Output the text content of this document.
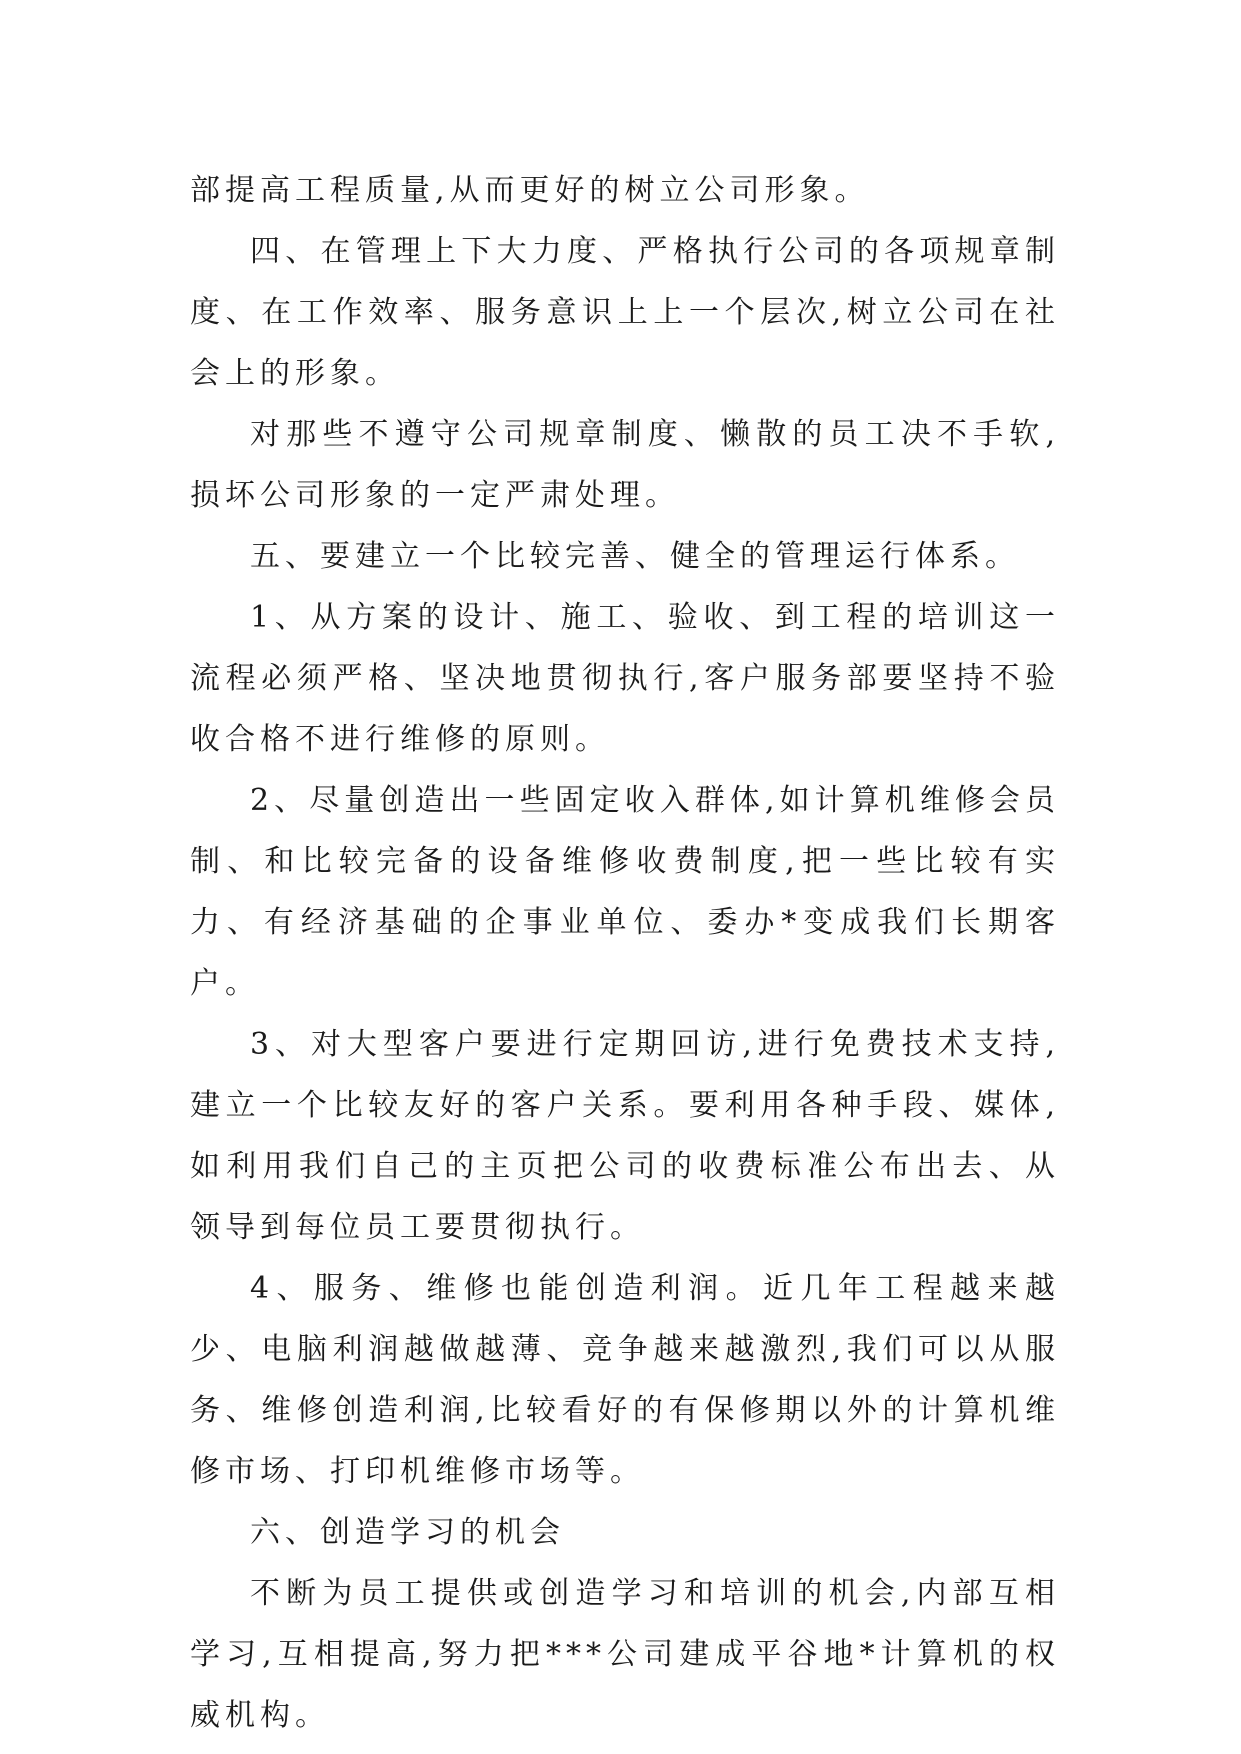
部提高工程质量,从而更好的树立公司形象。

四、在管理上下大力度、严格执行公司的各项规章制度、在工作效率、服务意识上上一个层次,树立公司在社会上的形象。

对那些不遵守公司规章制度、懒散的员工决不手软,损坏公司形象的一定严肃处理。

五、要建立一个比较完善、健全的管理运行体系。

1、从方案的设计、施工、验收、到工程的培训这一流程必须严格、坚决地贯彻执行,客户服务部要坚持不验收合格不进行维修的原则。

2、尽量创造出一些固定收入群体,如计算机维修会员制、和比较完备的设备维修收费制度,把一些比较有实力、有经济基础的企事业单位、委办*变成我们长期客户。

3、对大型客户要进行定期回访,进行免费技术支持,建立一个比较友好的客户关系。要利用各种手段、媒体,如利用我们自己的主页把公司的收费标准公布出去、从领导到每位员工要贯彻执行。

4、服务、维修也能创造利润。近几年工程越来越少、电脑利润越做越薄、竞争越来越激烈,我们可以从服务、维修创造利润,比较看好的有保修期以外的计算机维修市场、打印机维修市场等。

六、创造学习的机会

不断为员工提供或创造学习和培训的机会,内部互相学习,互相提高,努力把***公司建成平谷地*计算机的权威机构。
